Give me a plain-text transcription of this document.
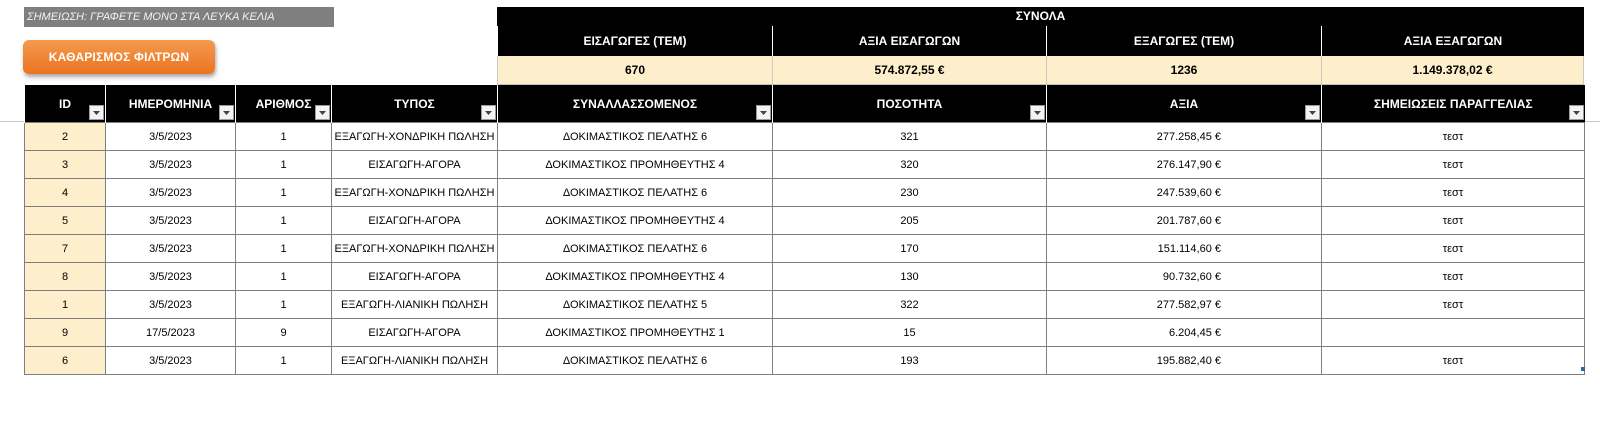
ΣΗΜΕΙΩΣΗ: ΓΡΑΦΕΤΕ ΜΟΝΟ ΣΤΑ ΛΕΥΚΑ ΚΕΛΙΑ
ΚΑΘΑΡΙΣΜΟΣ ΦΙΛΤΡΩΝ
ΣΥΝΟΛΑ
ΕΙΣΑΓΩΓΕΣ (ΤΕΜ)	ΑΞΙΑ ΕΙΣΑΓΩΓΩΝ	ΕΞΑΓΩΓΕΣ (ΤΕΜ)	ΑΞΙΑ ΕΞΑΓΩΓΩΝ
670	574.872,55 €	1236	1.149.378,02 €
ID	ΗΜΕΡΟΜΗΝΙΑ	ΑΡΙΘΜΟΣ	ΤΥΠΟΣ	ΣΥΝΑΛΛΑΣΣΟΜΕΝΟΣ	ΠΟΣΟΤΗΤΑ	ΑΞΙΑ	ΣΗΜΕΙΩΣΕΙΣ ΠΑΡΑΓΓΕΛΙΑΣ

2	3/5/2023	1	ΕΞΑΓΩΓΗ-ΧΟΝΔΡΙΚΗ ΠΩΛΗΣΗ	ΔΟΚΙΜΑΣΤΙΚΟΣ ΠΕΛΑΤΗΣ 6	321	277.258,45 €	τεστ
3	3/5/2023	1	ΕΙΣΑΓΩΓΗ-ΑΓΟΡΑ	ΔΟΚΙΜΑΣΤΙΚΟΣ ΠΡΟΜΗΘΕΥΤΗΣ 4	320	276.147,90 €	τεστ
4	3/5/2023	1	ΕΞΑΓΩΓΗ-ΧΟΝΔΡΙΚΗ ΠΩΛΗΣΗ	ΔΟΚΙΜΑΣΤΙΚΟΣ ΠΕΛΑΤΗΣ 6	230	247.539,60 €	τεστ
5	3/5/2023	1	ΕΙΣΑΓΩΓΗ-ΑΓΟΡΑ	ΔΟΚΙΜΑΣΤΙΚΟΣ ΠΡΟΜΗΘΕΥΤΗΣ 4	205	201.787,60 €	τεστ
7	3/5/2023	1	ΕΞΑΓΩΓΗ-ΧΟΝΔΡΙΚΗ ΠΩΛΗΣΗ	ΔΟΚΙΜΑΣΤΙΚΟΣ ΠΕΛΑΤΗΣ 6	170	151.114,60 €	τεστ
8	3/5/2023	1	ΕΙΣΑΓΩΓΗ-ΑΓΟΡΑ	ΔΟΚΙΜΑΣΤΙΚΟΣ ΠΡΟΜΗΘΕΥΤΗΣ 4	130	90.732,60 €	τεστ
1	3/5/2023	1	ΕΞΑΓΩΓΗ-ΛΙΑΝΙΚΗ ΠΩΛΗΣΗ	ΔΟΚΙΜΑΣΤΙΚΟΣ ΠΕΛΑΤΗΣ 5	322	277.582,97 €	τεστ
9	17/5/2023	9	ΕΙΣΑΓΩΓΗ-ΑΓΟΡΑ	ΔΟΚΙΜΑΣΤΙΚΟΣ ΠΡΟΜΗΘΕΥΤΗΣ 1	15	6.204,45 €	
6	3/5/2023	1	ΕΞΑΓΩΓΗ-ΛΙΑΝΙΚΗ ΠΩΛΗΣΗ	ΔΟΚΙΜΑΣΤΙΚΟΣ ΠΕΛΑΤΗΣ 6	193	195.882,40 €	τεστ
